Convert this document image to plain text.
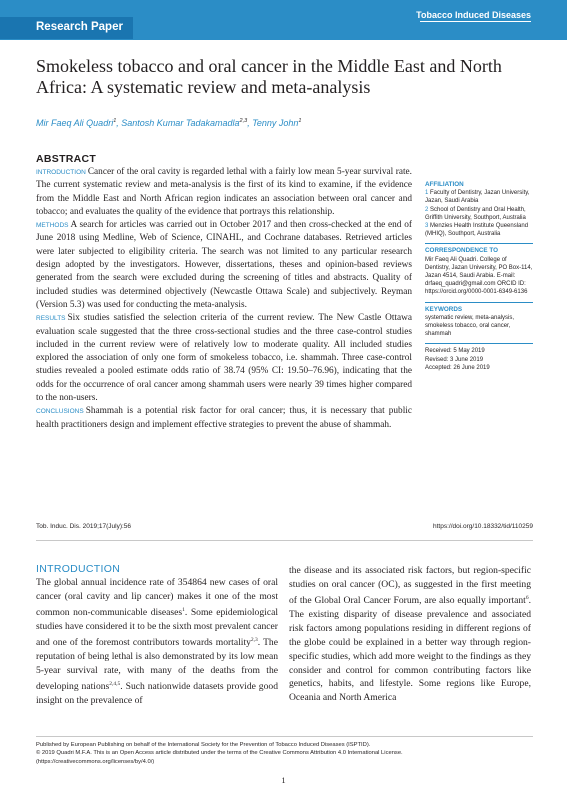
Research Paper
Tobacco Induced Diseases
Smokeless tobacco and oral cancer in the Middle East and North Africa: A systematic review and meta-analysis
Mir Faeq Ali Quadri$^1$, Santosh Kumar Tadakamadla$^{2,3}$, Tenny John$^1$
ABSTRACT

INTRODUCTION Cancer of the oral cavity is regarded lethal with a fairly low mean 5-year survival rate. The current systematic review and meta-analysis is the first of its kind to examine, if the evidence from the Middle East and North African region indicates an association between oral cancer and tobacco; and evaluates the quality of the evidence that portrays this relationship.

METHODS A search for articles was carried out in October 2017 and then cross-checked at the end of June 2018 using Medline, Web of Science, CINAHL, and Cochrane databases. Retrieved articles were later subjected to eligibility criteria. The search was not limited to any particular research design adopted by the investigators. However, dissertations, theses and opinion-based reviews generated from the search were excluded during the screening of titles and abstracts. Quality of included studies was determined objectively (Newcastle Ottawa Scale) and subjectively. Reyman (Version 5.3) was used for conducting the meta-analysis.

RESULTS Six studies satisfied the selection criteria of the current review. The New Castle Ottawa evaluation scale suggested that the three cross-sectional studies and the three case-control studies included in the current review were of relatively low to moderate quality. All included studies explored the association of only one form of smokeless tobacco, i.e. shammah. Three case-control studies revealed a pooled estimate odds ratio of 38.74 (95% CI: 19.50–76.96), indicating that the odds for the occurrence of oral cancer among shammah users were nearly 39 times higher compared to the non-users.

CONCLUSIONS Shammah is a potential risk factor for oral cancer; thus, it is necessary that public health practitioners design and implement effective strategies to prevent the abuse of shammah.

AFFILIATION
1 Faculty of Dentistry, Jazan University, Jazan, Saudi Arabia
2 School of Dentistry and Oral Health, Griffith University, Southport, Australia
3 Menzies Health Institute Queensland (MHIQ), Southport, Australia
CORRESPONDENCE TO
Mir Faeq Ali Quadri. College of Dentistry, Jazan University, PO Box-114, Jazan 4514, Saudi Arabia. E-mail: drfaeq_quadri@gmail.com ORCID ID: https://orcid.org/0000-0001-6349-6136
KEYWORDS
systematic review, meta-analysis, smokeless tobacco, oral cancer, shammah
Received: 5 May 2019
Revised: 3 June 2019
Accepted: 26 June 2019
Tob. Induc. Dis. 2019;17(July):56	https://doi.org/10.18332/tid/110259
INTRODUCTION
The global annual incidence rate of 354864 new cases of oral cancer (oral cavity and lip cancer) makes it one of the most common non-communicable diseases$^1$. Some epidemiological studies have considered it to be the sixth most prevalent cancer and one of the foremost contributors towards mortality$^{2,3}$. The reputation of being lethal is also demonstrated by its low mean 5-year survival rate, with many of the deaths from the developing nations$^{2,4,5}$. Such nationwide datasets provide good insight on the prevalence of
the disease and its associated risk factors, but region-specific studies on oral cancer (OC), as suggested in the first meeting of the Global Oral Cancer Forum, are also equally important$^6$. The existing disparity of disease prevalence and associated risk factors among populations residing in different regions of the globe could be explained in a better way through region-specific studies, which add more weight to the findings as they consider and control for common contributing factors like genetics, habits, and lifestyle. Some regions like Europe, Oceania and North America
Published by European Publishing on behalf of the International Society for the Prevention of Tobacco Induced Diseases (ISPTID).
© 2019 Quadri M.F.A. This is an Open Access article distributed under the terms of the Creative Commons Attribution 4.0 International License.
(https://creativecommons.org/licenses/by/4.0/)
1
